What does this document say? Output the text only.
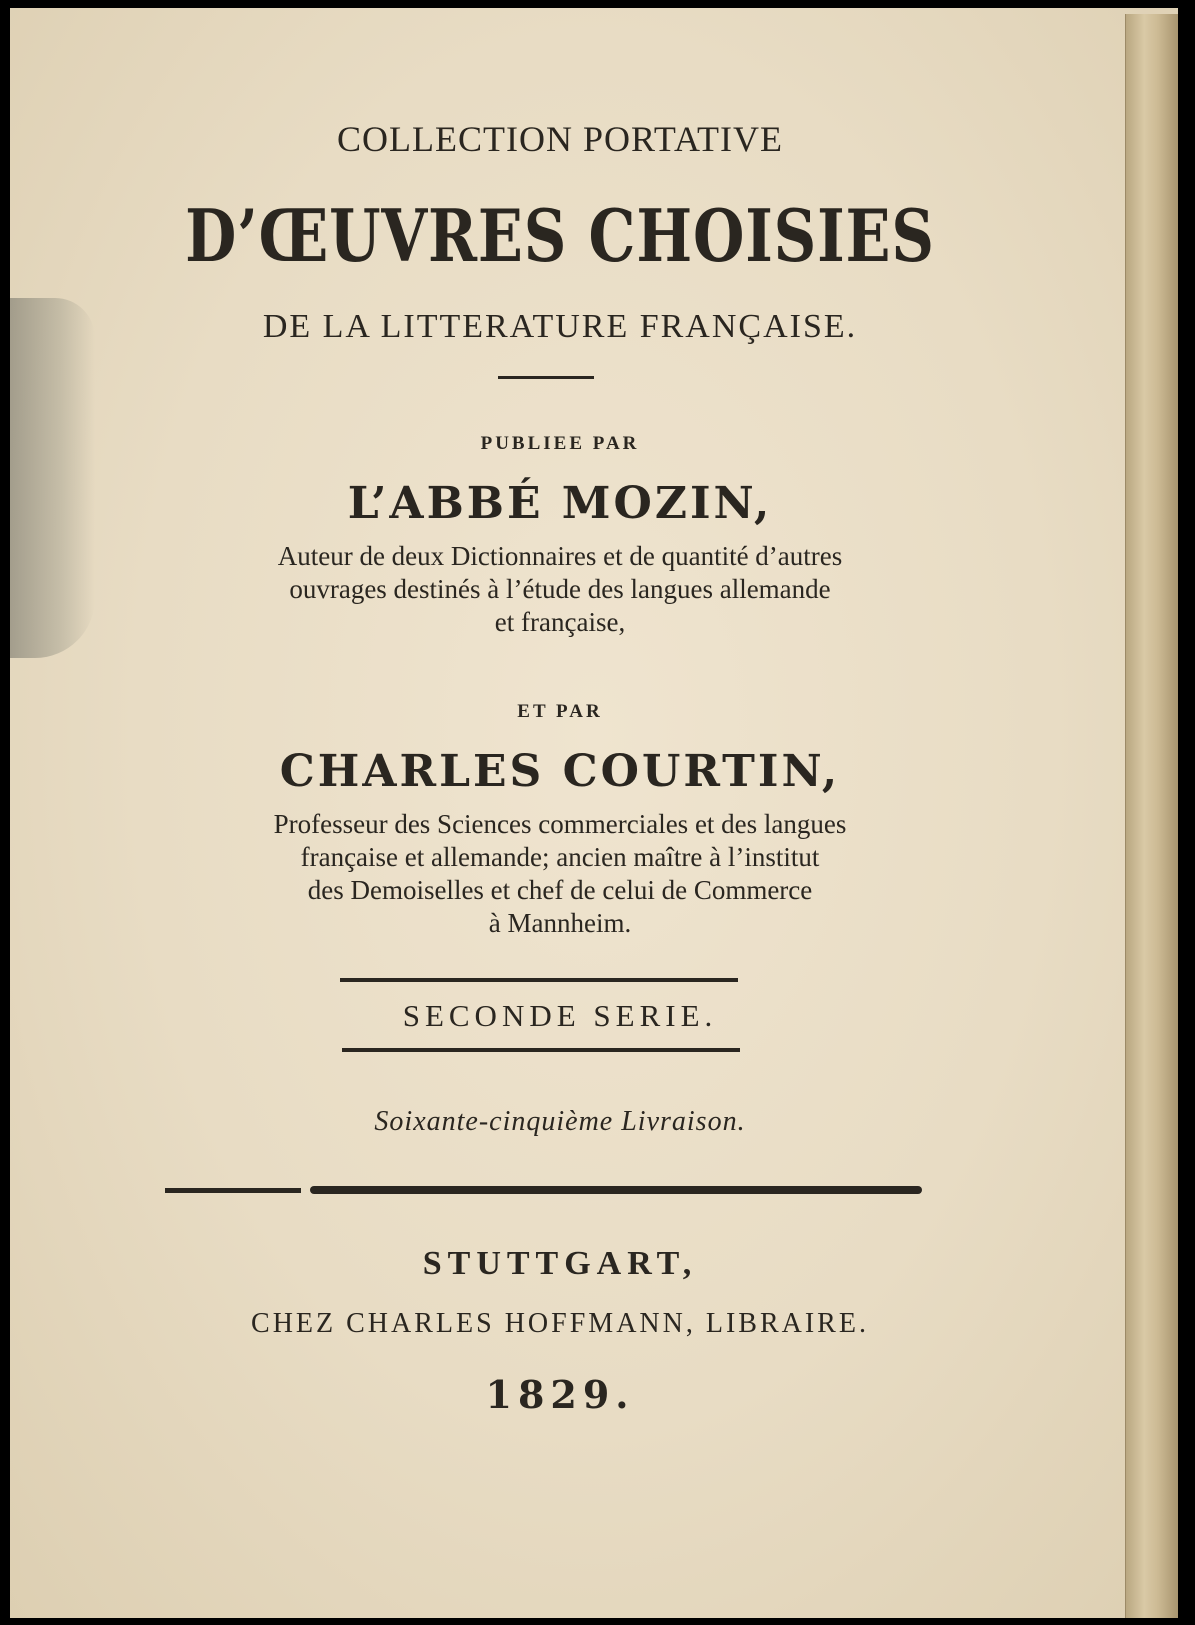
COLLECTION PORTATIVE
D’ŒUVRES CHOISIES
DE LA LITTERATURE FRANÇAISE.
PUBLIEE PAR
L’ABBÉ MOZIN,
Auteur de deux Dictionnaires et de quantité d’autres
ouvrages destinés à l’étude des langues allemande
et française,
ET PAR
CHARLES COURTIN,
Professeur des Sciences commerciales et des langues
française et allemande; ancien maître à l’institut
des Demoiselles et chef de celui de Commerce
à Mannheim.
SECONDE SERIE.
Soixante-cinquième Livraison.
STUTTGART,
CHEZ CHARLES HOFFMANN, LIBRAIRE.
1829.
